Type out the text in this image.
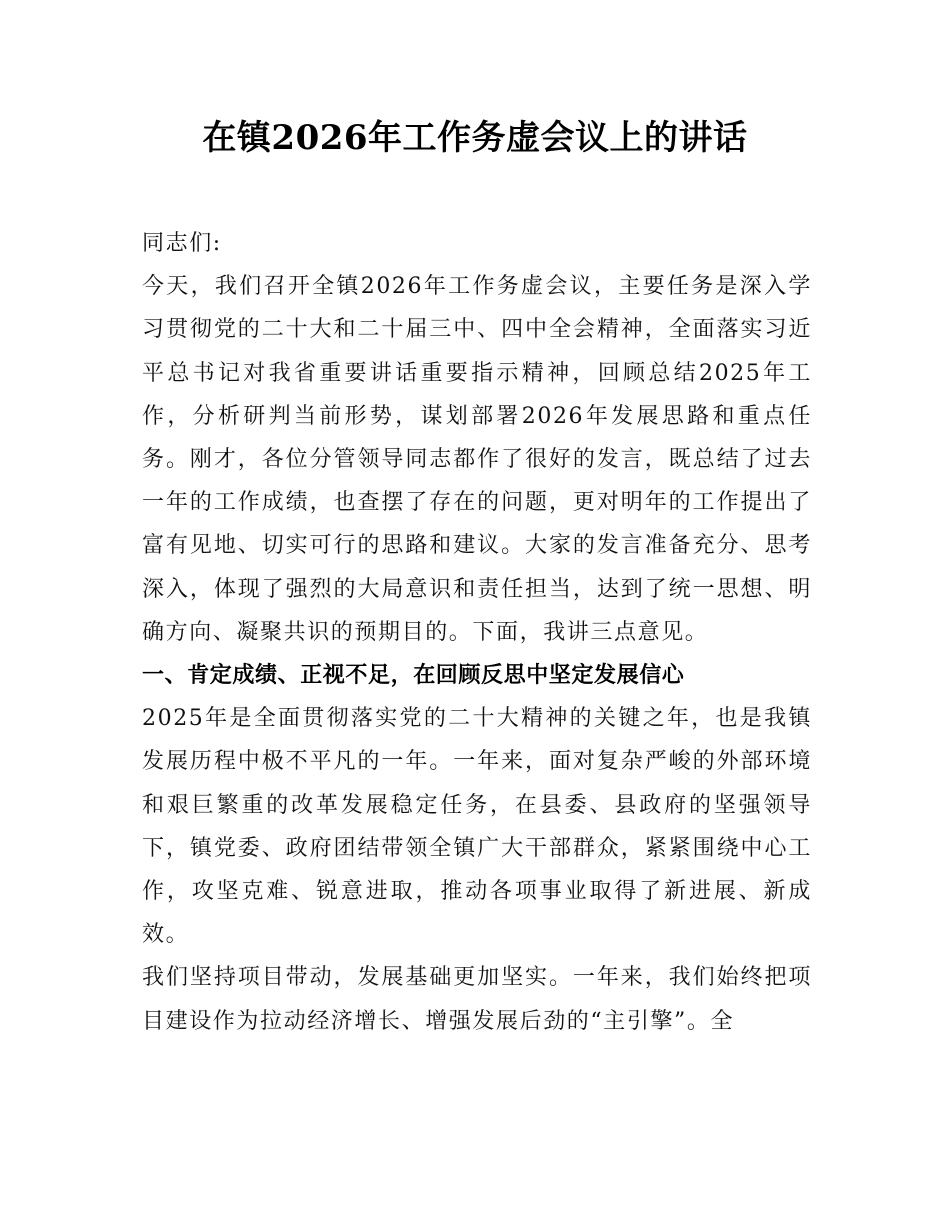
在镇2026年工作务虚会议上的讲话

同志们:

今天，我们召开全镇2026年工作务虚会议，主要任务是深入学习贯彻党的二十大和二十届三中、四中全会精神，全面落实习近平总书记对我省重要讲话重要指示精神，回顾总结2025年工作，分析研判当前形势，谋划部署2026年发展思路和重点任务。刚才，各位分管领导同志都作了很好的发言，既总结了过去一年的工作成绩，也查摆了存在的问题，更对明年的工作提出了富有见地、切实可行的思路和建议。大家的发言准备充分、思考深入，体现了强烈的大局意识和责任担当，达到了统一思想、明确方向、凝聚共识的预期目的。下面，我讲三点意见。

一、肯定成绩、正视不足，在回顾反思中坚定发展信心

2025年是全面贯彻落实党的二十大精神的关键之年，也是我镇发展历程中极不平凡的一年。一年来，面对复杂严峻的外部环境和艰巨繁重的改革发展稳定任务，在县委、县政府的坚强领导下，镇党委、政府团结带领全镇广大干部群众，紧紧围绕中心工作，攻坚克难、锐意进取，推动各项事业取得了新进展、新成效。

我们坚持项目带动，发展基础更加坚实。一年来，我们始终把项目建设作为拉动经济增长、增强发展后劲的“主引擎”。全
